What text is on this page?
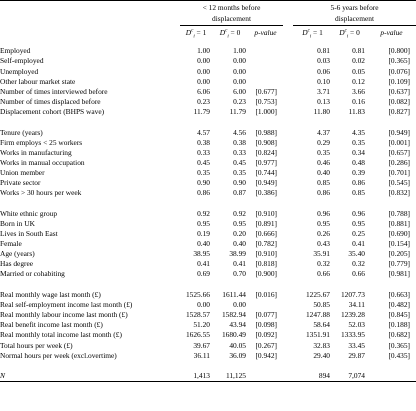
	< 12 months before				5-6 years before		
	displacement				displacement		
	$D^c_i = 1$	$D^c_i = 0$	p-value		$D^c_i = 1$	$D^c_i = 0$	p-value

Employed	1.00	1.00			0.81	0.81	[0.800]
Self-employed	0.00	0.00			0.03	0.02	[0.365]
Unemployed	0.00	0.00			0.06	0.05	[0.076]
Other labour market state	0.00	0.00			0.10	0.12	[0.109]
Number of times interviewed before	6.06	6.00	[0.677]		3.71	3.66	[0.637]
Number of times displaced before	0.23	0.23	[0.753]		0.13	0.16	[0.082]
Displacement cohort (BHPS wave)	11.79	11.79	[1.000]		11.80	11.83	[0.827]

Tenure (years)	4.57	4.56	[0.988]		4.37	4.35	[0.949]
Firm employs < 25 workers	0.38	0.38	[0.908]		0.29	0.35	[0.001]
Works in manufacturing	0.33	0.33	[0.824]		0.35	0.34	[0.657]
Works in manual occupation	0.45	0.45	[0.977]		0.46	0.48	[0.286]
Union member	0.35	0.35	[0.744]		0.40	0.39	[0.701]
Private sector	0.90	0.90	[0.949]		0.85	0.86	[0.545]
Works > 30 hours per week	0.86	0.87	[0.386]		0.86	0.85	[0.832]

White ethnic group	0.92	0.92	[0.910]		0.96	0.96	[0.788]
Born in UK	0.95	0.95	[0.891]		0.95	0.95	[0.881]
Lives in South East	0.19	0.20	[0.666]		0.26	0.25	[0.690]
Female	0.40	0.40	[0.782]		0.43	0.41	[0.154]
Age (years)	38.95	38.99	[0.910]		35.91	35.40	[0.205]
Has degree	0.41	0.41	[0.818]		0.32	0.32	[0.779]
Married or cohabiting	0.69	0.70	[0.900]		0.66	0.66	[0.981]

Real monthly wage last month (£)	1525.66	1611.44	[0.016]		1225.67	1207.73	[0.663]
Real self-employment income last month (£)	0.00	0.00			50.85	34.11	[0.482]
Real monthly labour income last month (£)	1528.57	1582.94	[0.077]		1247.88	1239.28	[0.845]
Real benefit income last month (£)	51.20	43.94	[0.098]		58.64	52.03	[0.188]
Real monthly total income last month (£)	1626.55	1680.49	[0.092]		1351.91	1333.95	[0.682]
Total hours per week (£)	39.67	40.05	[0.267]		32.83	33.45	[0.365]
Normal hours per week (excl.overtime)	36.11	36.09	[0.942]		29.40	29.87	[0.435]

N	1,413	11,125			894	7,074	
